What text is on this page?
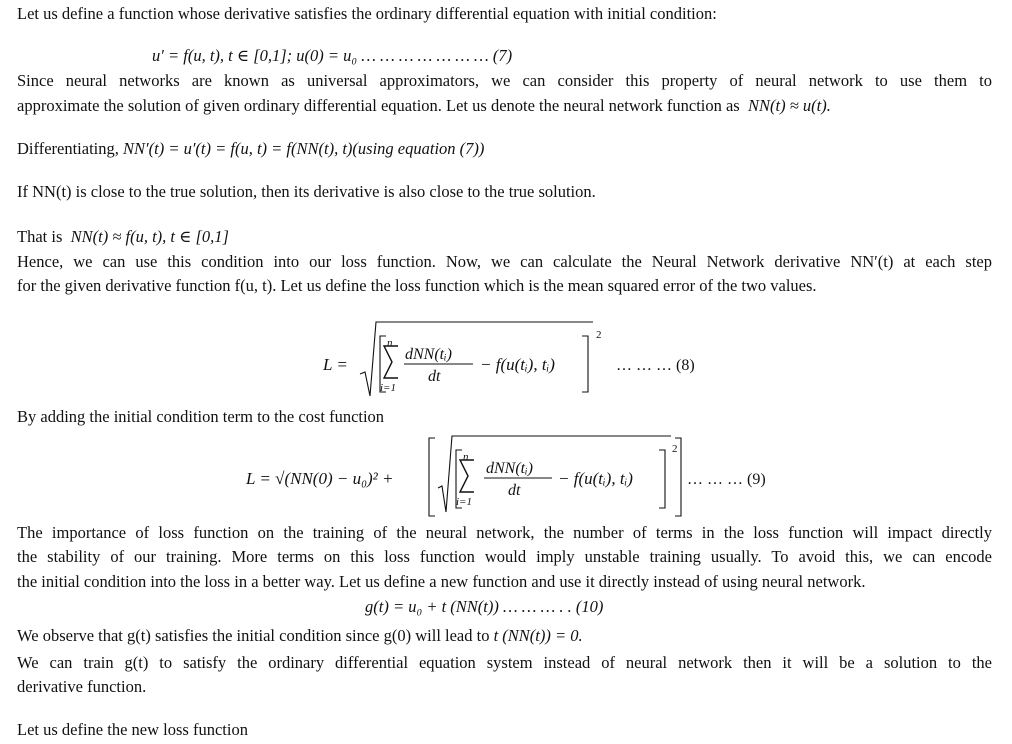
Let us define a function whose derivative satisfies the ordinary differential equation with initial condition:
u′ = f(u, t), t ∈ [0,1]; u(0) = u₀ … … … … … … … (7)
Since neural networks are known as universal approximators, we can consider this property of neural network to use them to
approximate the solution of given ordinary differential equation. Let us denote the neural network function as NN(t) ≈ u(t).
Differentiating, NN′(t) = u′(t) = f(u, t) = f(NN(t), t)(using equation (7))
If NN(t) is close to the true solution, then its derivative is also close to the true solution.
That is NN(t) ≈ f(u, t), t ∈ [0,1]
Hence, we can use this condition into our loss function. Now, we can calculate the Neural Network derivative NN′(t) at each step
for the given derivative function f(u, t). Let us define the loss function which is the mean squared error of the two values.
L =
2
n
i=1
dNN(tᵢ)
dt
− f(u(tᵢ), tᵢ)	… … … (8)
By adding the initial condition term to the cost function
L = √(NN(0) − u₀)² +
2
n
i=1
dNN(tᵢ)
dt
− f(u(tᵢ), tᵢ)	… … … (9)
The importance of loss function on the training of the neural network, the number of terms in the loss function will impact directly
the stability of our training. More terms on this loss function would imply unstable training usually. To avoid this, we can encode
the initial condition into the loss in a better way. Let us define a new function and use it directly instead of using neural network.
g(t) = u₀ + t (NN(t)) … … … . . (10)
We observe that g(t) satisfies the initial condition since g(0) will lead to t (NN(t)) = 0.
We can train g(t) to satisfy the ordinary differential equation system instead of neural network then it will be a solution to the
derivative function.
Let us define the new loss function
